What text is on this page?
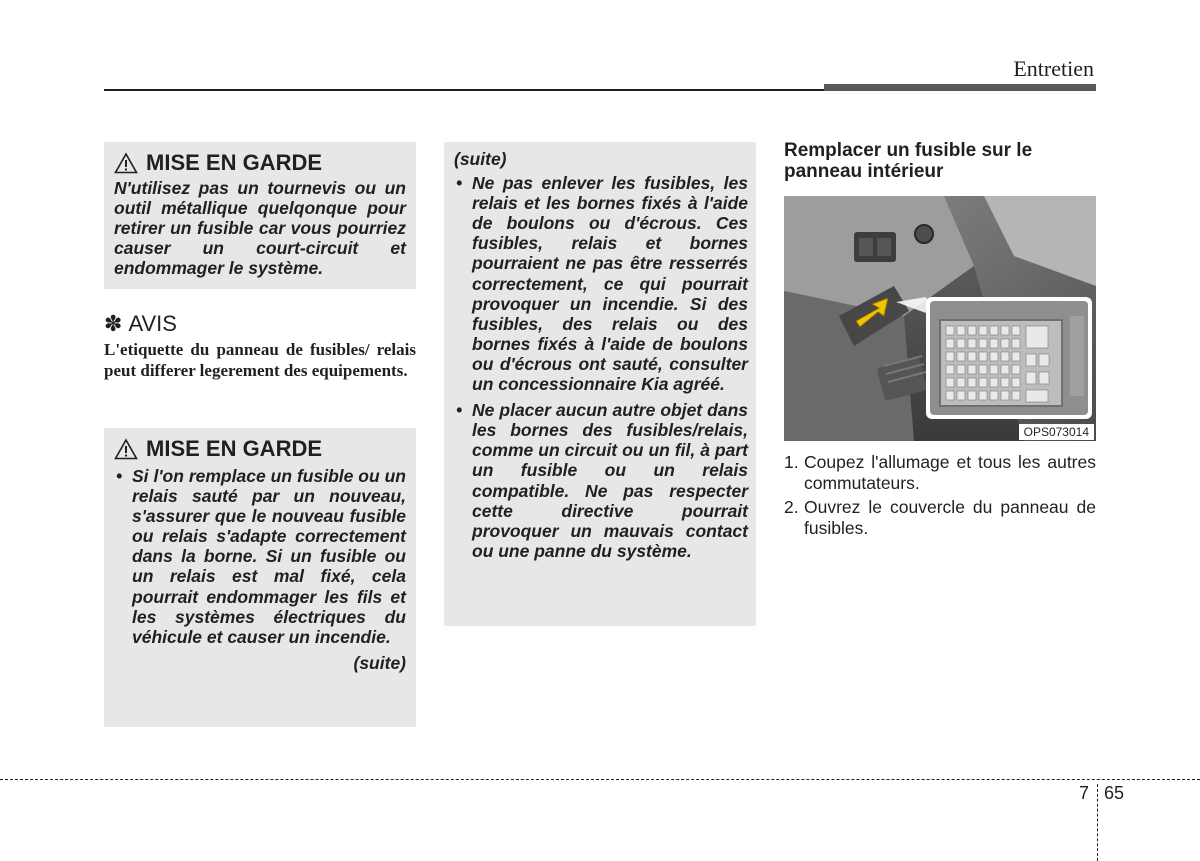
Entretien
MISE EN GARDE
N'utilisez pas un tournevis ou un outil métallique quelqonque pour retirer un fusible car vous pourriez causer un court-circuit et endommager le système.
✽ AVIS
L'etiquette du panneau de fusibles/ relais peut differer legerement des equipements.
MISE EN GARDE
• Si l'on remplace un fusible ou un relais sauté par un nouveau, s'assurer que le nouveau fusible ou relais s'adapte correctement dans la borne. Si un fusible ou un relais est mal fixé, cela pourrait endommager les fils et les systèmes électriques du véhicule et causer un incendie.
(suite)
(suite)
• Ne pas enlever les fusibles, les relais et les bornes fixés à l'aide de boulons ou d'écrous. Ces fusibles, relais et bornes pourraient ne pas être resserrés correctement, ce qui pourrait provoquer un incendie. Si des fusibles, des relais ou des bornes fixés à l'aide de boulons ou d'écrous ont sauté, consulter un concessionnaire Kia agréé.
• Ne placer aucun autre objet dans les bornes des fusibles/relais, comme un circuit ou un fil, à part un fusible ou un relais compatible. Ne pas respecter cette directive pourrait provoquer un mauvais contact ou une panne du système.
Remplacer un fusible sur le panneau intérieur
OPS073014
1. Coupez l'allumage et tous les autres commutateurs.
2. Ouvrez le couvercle du panneau de fusibles.
7 65
